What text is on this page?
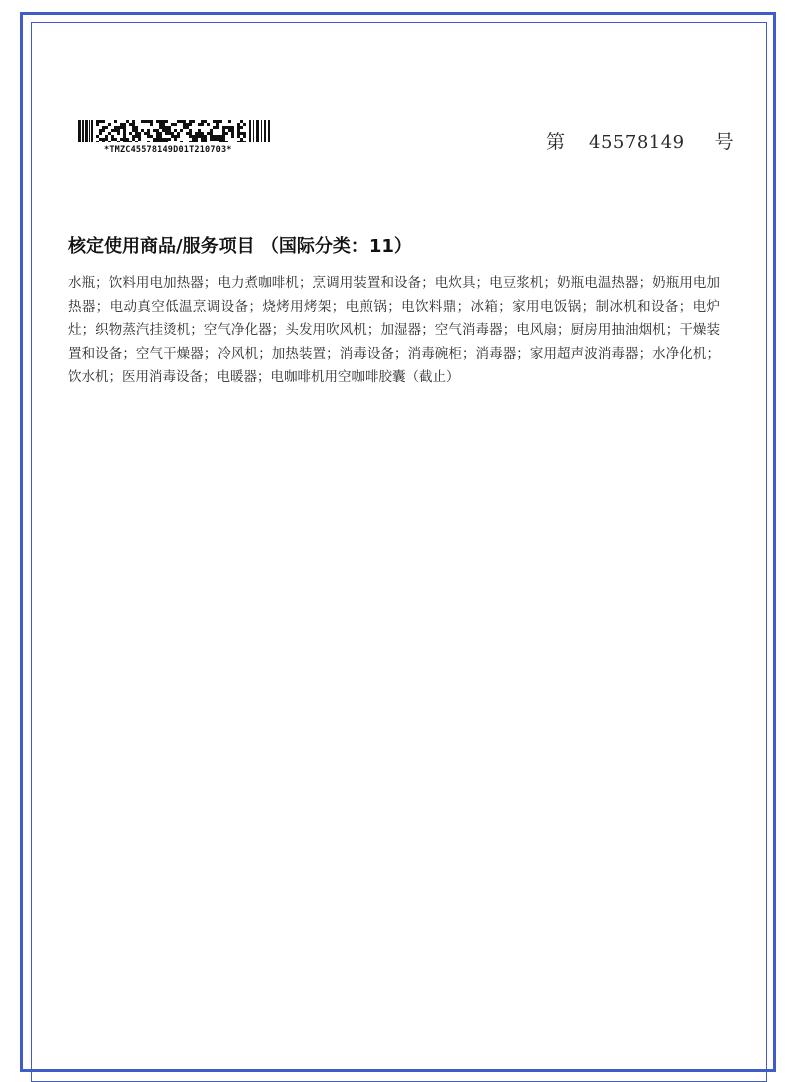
*TMZC45578149D01T210703*	第 45578149 号
核定使用商品/服务项目 （国际分类：11）
水瓶；饮料用电加热器；电力煮咖啡机；烹调用装置和设备；电炊具；电豆浆机；奶瓶电温热器；奶瓶用电加热器；电动真空低温烹调设备；烧烤用烤架；电煎锅；电饮料鼎；冰箱；家用电饭锅；制冰机和设备；电炉灶；织物蒸汽挂烫机；空气净化器；头发用吹风机；加湿器；空气消毒器；电风扇；厨房用抽油烟机；干燥装置和设备；空气干燥器；冷风机；加热装置；消毒设备；消毒碗柜；消毒器；家用超声波消毒器；水净化机；饮水机；医用消毒设备；电暖器；电咖啡机用空咖啡胶囊（截止）
